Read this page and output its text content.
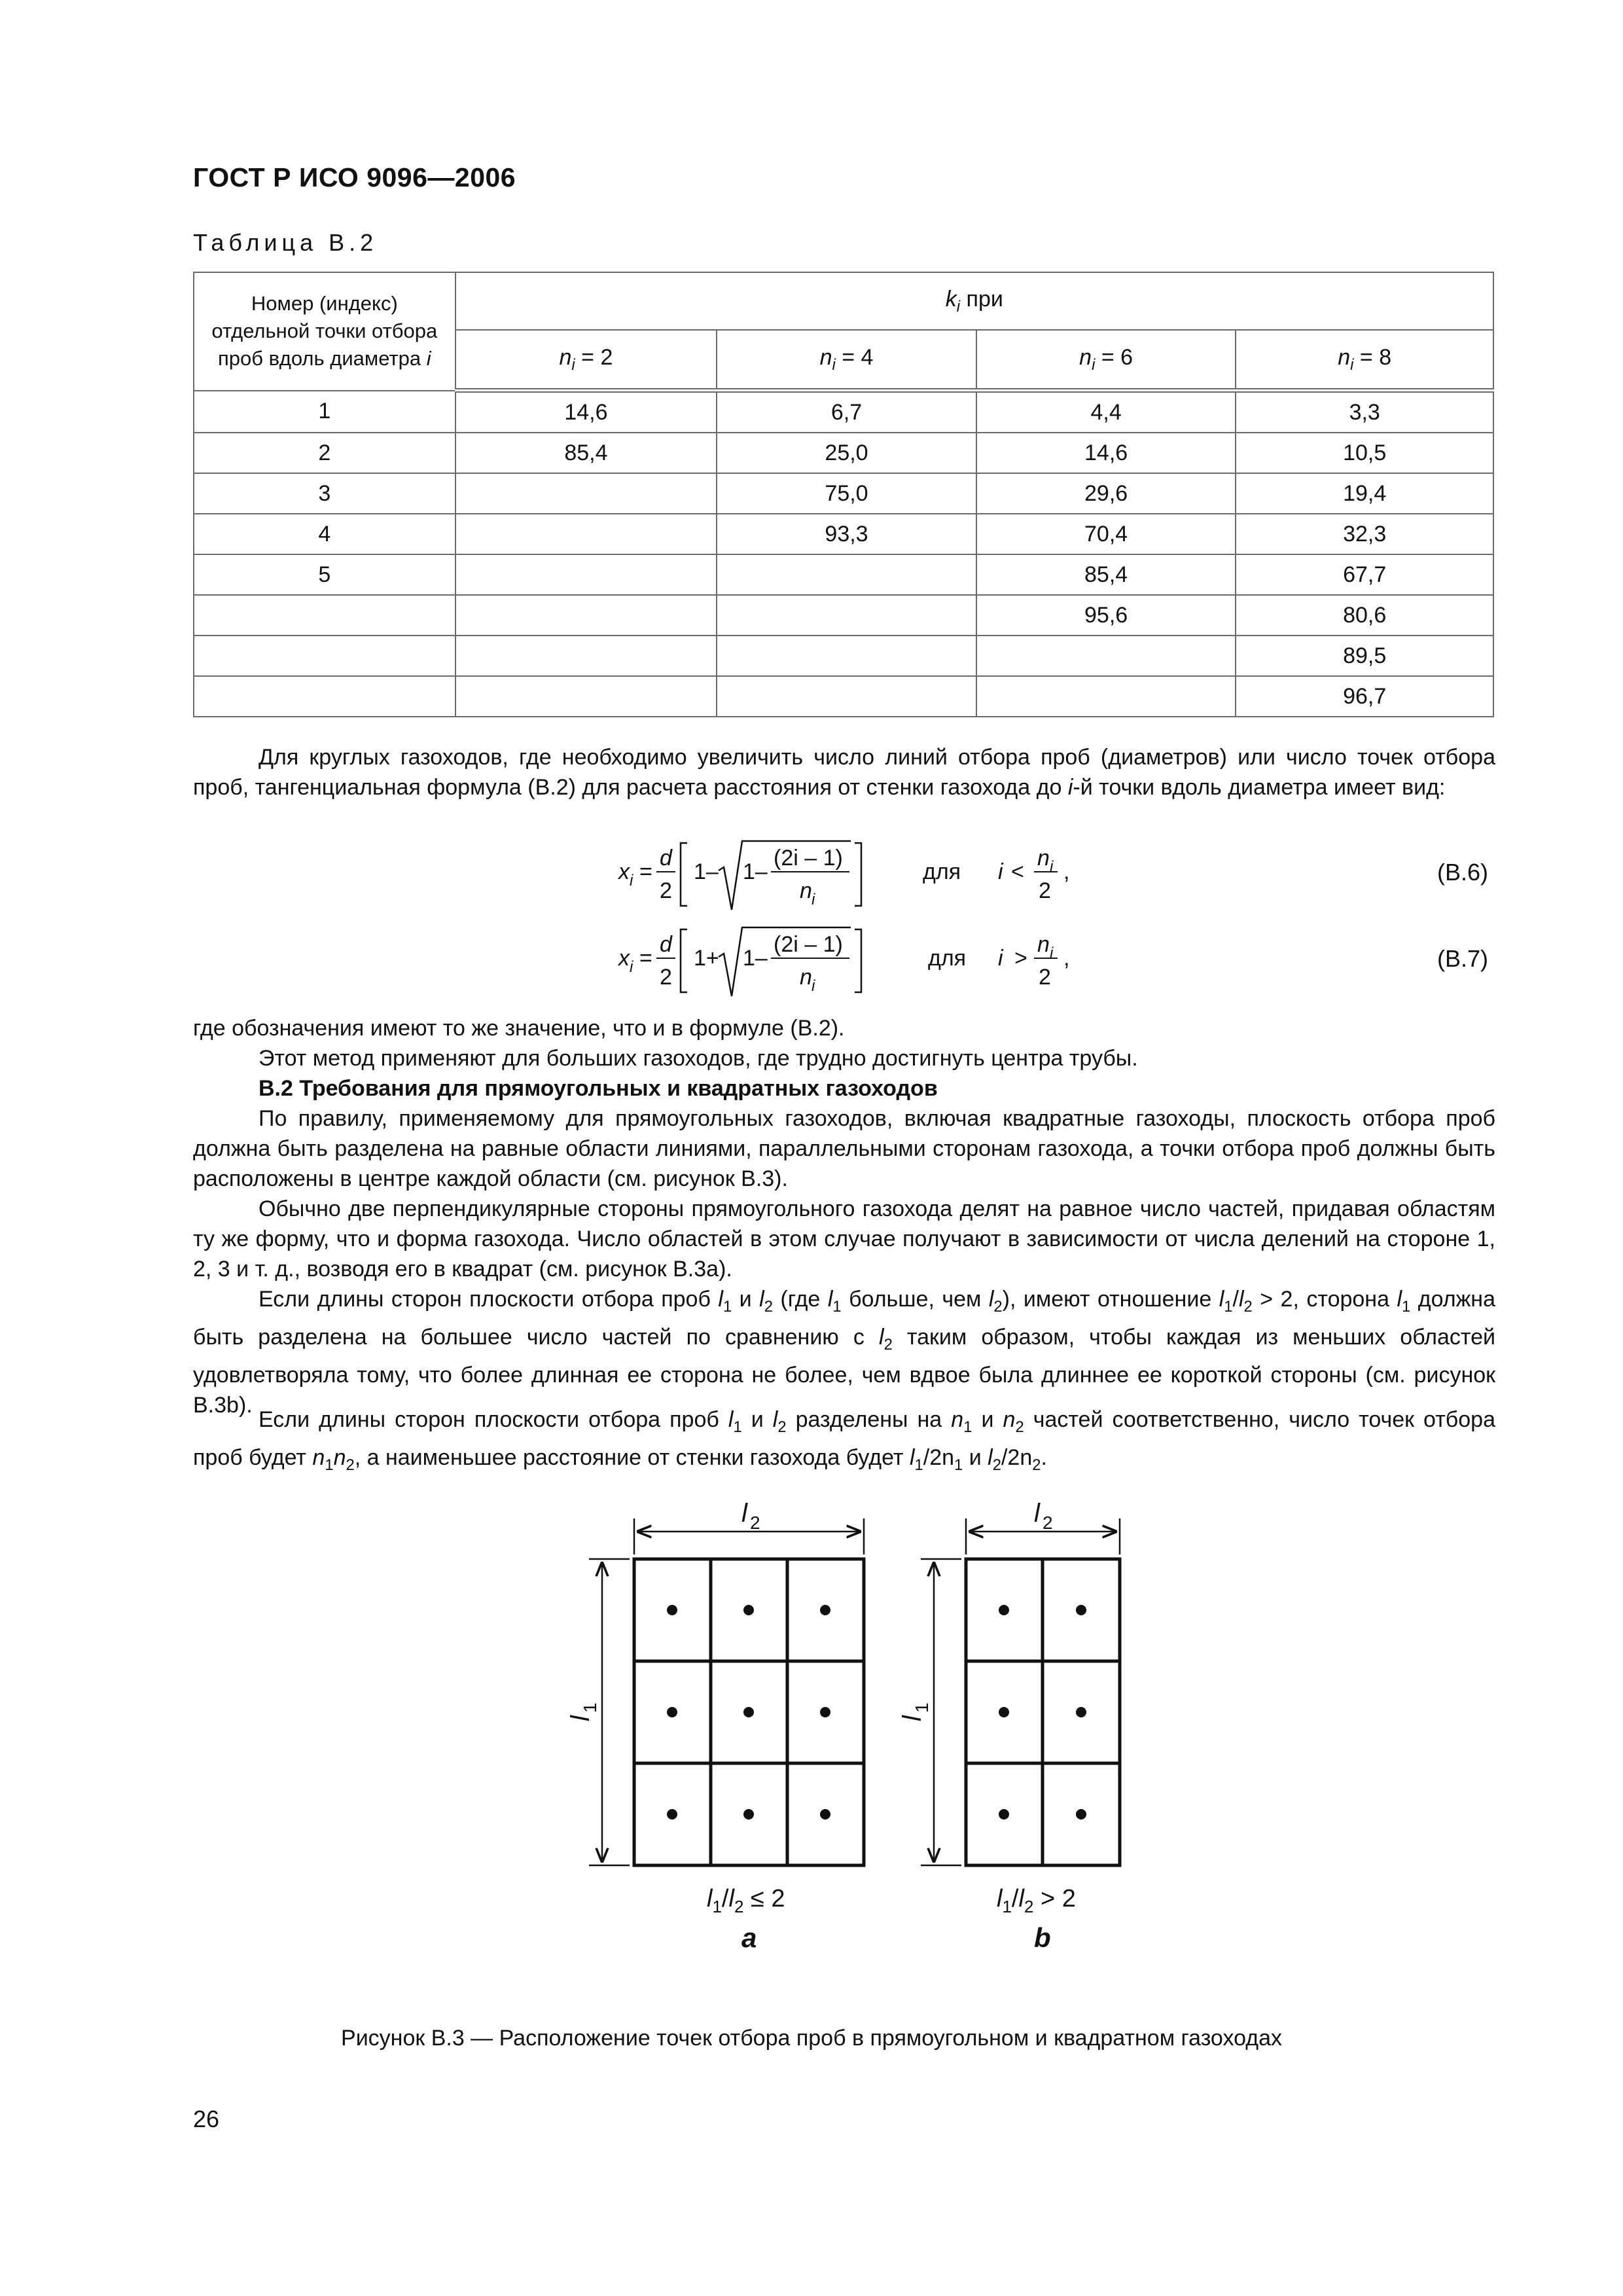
ГОСТ Р ИСО 9096—2006
Таблица В.2
Номер (индекс)
отдельной точки отбора
проб вдоль диаметра i	$k_i$ при			
	$n_i = 2$	$n_i = 4$	$n_i = 6$	$n_i = 8$
1	14,6	6,7	4,4	3,3
2	85,4	25,0	14,6	10,5
3		75,0	29,6	19,4
4		93,3	70,4	32,3
5			85,4	67,7
			95,6	80,6
				89,5
				96,7

Для круглых газоходов, где необходимо увеличить число линий отбора проб (диаметров) или число точек отбора проб, тангенциальная формула (В.2) для расчета расстояния от стенки газохода до i-й точки вдоль диаметра имеет вид:

x i =
d
2
1– 1–
(2i – 1)
n i
для i <
n i
2
,	(В.6)
x i =
d
2
1+ 1–
(2i – 1)
n i
для i >
n i
2
,	(В.7)

где обозначения имеют то же значение, что и в формуле (В.2).

Этот метод применяют для больших газоходов, где трудно достигнуть центра трубы.

В.2 Требования для прямоугольных и квадратных газоходов

По правилу, применяемому для прямоугольных газоходов, включая квадратные газоходы, плоскость отбора проб должна быть разделена на равные области линиями, параллельными сторонам газохода, а точки отбора проб должны быть расположены в центре каждой области (см. рисунок В.3).

Обычно две перпендикулярные стороны прямоугольного газохода делят на равное число частей, придавая областям ту же форму, что и форма газохода. Число областей в этом случае получают в зависимости от числа делений на стороне 1, 2, 3 и т. д., возводя его в квадрат (см. рисунок В.3а).

Если длины сторон плоскости отбора проб $l_1$ и $l_2$ (где $l_1$ больше, чем $l_2$), имеют отношение $l_1/l_2 > 2$, сторона $l_1$ должна быть разделена на большее число частей по сравнению с $l_2$ таким образом, чтобы каждая из меньших областей удовлетворяла тому, что более длинная ее сторона не более, чем вдвое была длиннее ее короткой стороны (см. рисунок В.3b).

Если длины сторон плоскости отбора проб $l_1$ и $l_2$ разделены на $n_1$ и $n_2$ частей соответственно, число точек отбора проб будет $n_1n_2$, а наименьшее расстояние от стенки газохода будет $l_1/2n_1$ и $l_2/2n_2$.

l 2
l
1
$l_1/l_2 \le 2$
a
l 2
l
1
$l_1/l_2 > 2$
b
Рисунок В.3 — Расположение точек отбора проб в прямоугольном и квадратном газоходах
26
